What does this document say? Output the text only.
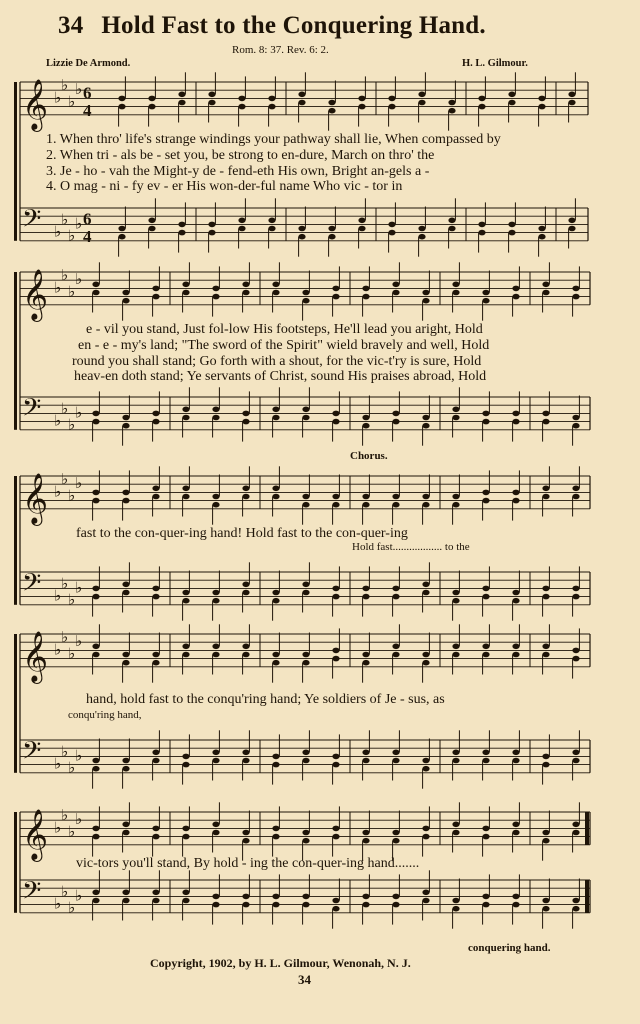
𝄞 ♭
♭
♭
♭ 6
4
𝄢 ♭
♭
♭
♭ 6
4
𝄞 ♭
♭
♭
♭
𝄢 ♭
♭
♭
♭
𝄞 ♭
♭
♭
♭
𝄢 ♭
♭
♭
♭
𝄞 ♭
♭
♭
♭
𝄢 ♭
♭
♭
♭
𝄞 ♭
♭
♭
♭
𝄢 ♭
♭
♭
♭
34 Hold Fast to the Conquering Hand.
Rom. 8: 37. Rev. 6: 2.
Lizzie De Armond.	H. L. Gilmour.
1. When thro' life's strange windings your pathway shall lie, When compassed by
2. When tri - als be - set you, be strong to en-dure, March on thro' the
3. Je - ho - vah the Might-y de - fend-eth His own, Bright an-gels a -
4. O mag - ni - fy ev - er His won-der-ful name Who vic - tor in
e - vil you stand, Just fol-low His footsteps, He'll lead you aright, Hold
en - e - my's land; "The sword of the Spirit" wield bravely and well, Hold
round you shall stand; Go forth with a shout, for the vic-t'ry is sure, Hold
heav-en doth stand; Ye servants of Christ, sound His praises abroad, Hold
Chorus.
fast to the con-quer-ing hand! Hold fast to the con-quer-ing
Hold fast.................. to the
hand, hold fast to the conqu'ring hand; Ye soldiers of Je - sus, as
conqu'ring hand,
vic-tors you'll stand, By hold - ing the con-quer-ing hand.......
conquering hand.
Copyright, 1902, by H. L. Gilmour, Wenonah, N. J.
34
